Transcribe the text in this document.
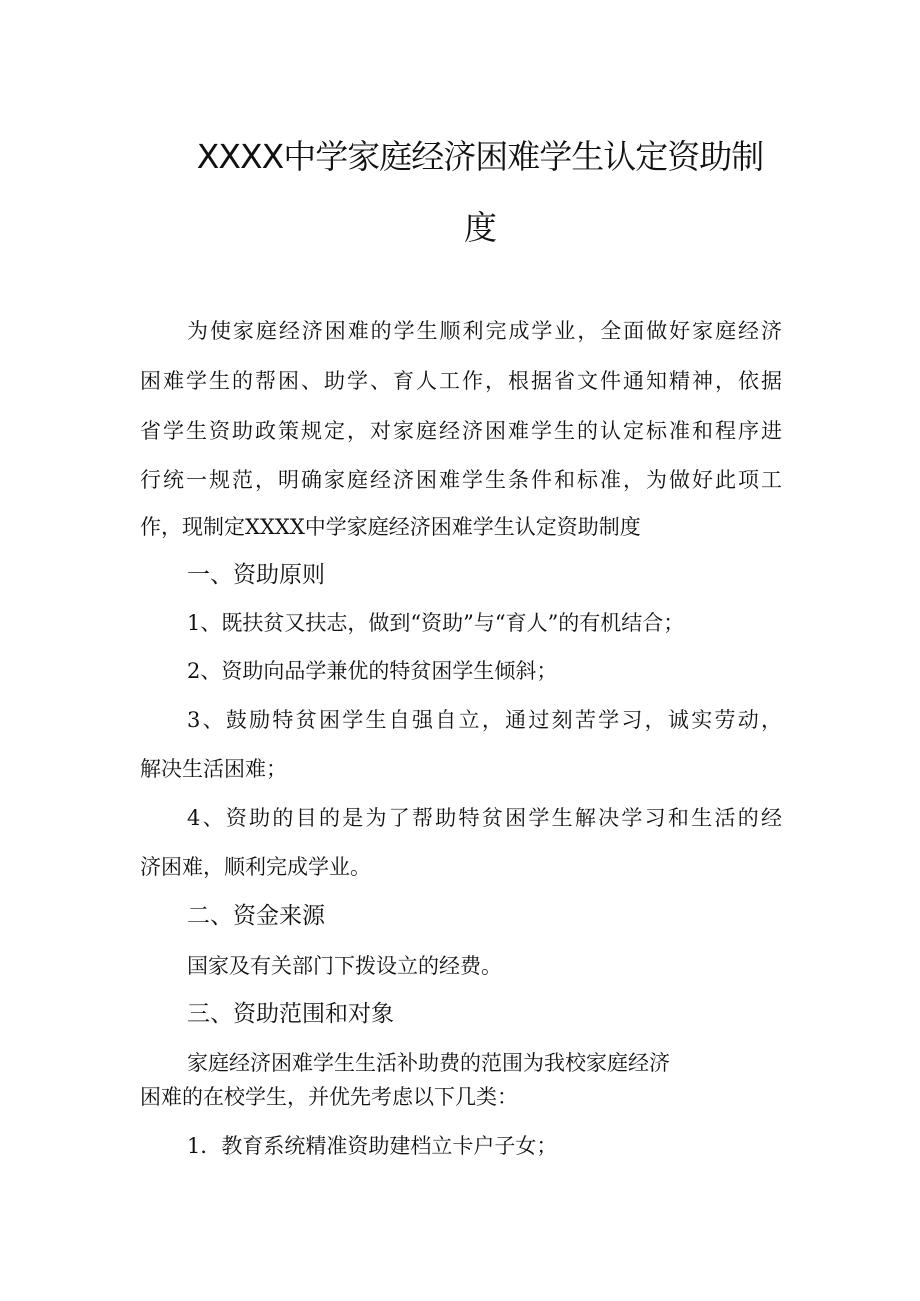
XXXX中学家庭经济困难学生认定资助制
度
为使家庭经济困难的学生顺利完成学业，全面做好家庭经济
困难学生的帮困、助学、育人工作，根据省文件通知精神，依据
省学生资助政策规定，对家庭经济困难学生的认定标准和程序进
行统一规范，明确家庭经济困难学生条件和标准，为做好此项工
作，现制定XXXX中学家庭经济困难学生认定资助制度
一、资助原则
1、既扶贫又扶志，做到“资助”与“育人”的有机结合；
2、资助向品学兼优的特贫困学生倾斜；
3、鼓励特贫困学生自强自立，通过刻苦学习，诚实劳动，
解决生活困难；
4、资助的目的是为了帮助特贫困学生解决学习和生活的经
济困难，顺利完成学业。
二、资金来源
国家及有关部门下拨设立的经费。
三、资助范围和对象
家庭经济困难学生生活补助费的范围为我校家庭经济
困难的在校学生，并优先考虑以下几类：
1．教育系统精准资助建档立卡户子女；
